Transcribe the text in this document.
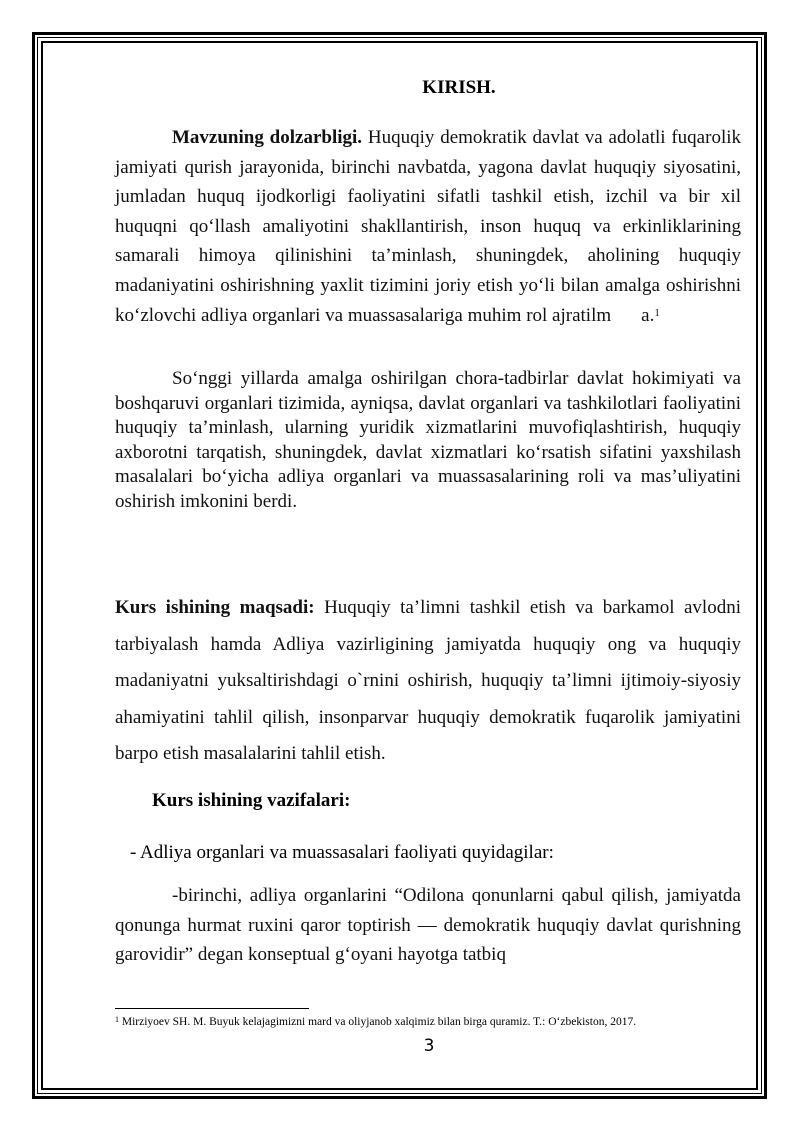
KIRISH.
Mavzuning dolzarbligi. Huquqiy demokratik davlat va adolatli fuqarolik jamiyati qurish jarayonida, birinchi navbatda, yagona davlat huquqiy siyosatini, jumladan huquq ijodkorligi faoliyatini sifatli tashkil etish, izchil va bir xil huquqni qo‘llash amaliyotini shakllantirish, inson huquq va erkinliklarining samarali himoya qilinishini ta’minlash, shuningdek, aholining huquqiy madaniyatini oshirishning yaxlit tizimini joriy etish yo‘li bilan amalga oshirishni ko‘zlovchi adliya organlari va muassasalariga muhim rol ajratilm a.$^1$
So‘nggi yillarda amalga oshirilgan chora-tadbirlar davlat hokimiyati va boshqaruvi organlari tizimida, ayniqsa, davlat organlari va tashkilotlari faoliyatini huquqiy ta’minlash, ularning yuridik xizmatlarini muvofiqlashtirish, huquqiy axborotni tarqatish, shuningdek, davlat xizmatlari ko‘rsatish sifatini yaxshilash masalalari bo‘yicha adliya organlari va muassasalarining roli va mas’uliyatini oshirish imkonini berdi.
Kurs ishining maqsadi: Huquqiy ta’limni tashkil etish va barkamol avlodni tarbiyalash hamda Adliya vazirligining jamiyatda huquqiy ong va huquqiy madaniyatni yuksaltirishdagi o`rnini oshirish, huquqiy ta’limni ijtimoiy-siyosiy ahamiyatini tahlil qilish, insonparvar huquqiy demokratik fuqarolik jamiyatini barpo etish masalalarini tahlil etish.
Kurs ishining vazifalari:
- Adliya organlari va muassasalari faoliyati quyidagilar:
-birinchi, adliya organlarini “Odilona qonunlarni qabul qilish, jamiyatda qonunga hurmat ruxini qaror toptirish — demokratik huquqiy davlat qurishning garovidir” degan konseptual g‘oyani hayotga tatbiq
$^1$ Mirziyoev SH. M. Buyuk kelajagimizni mard va oliyjanob xalqimiz bilan birga quramiz. T.: O‘zbekiston, 2017.
3
